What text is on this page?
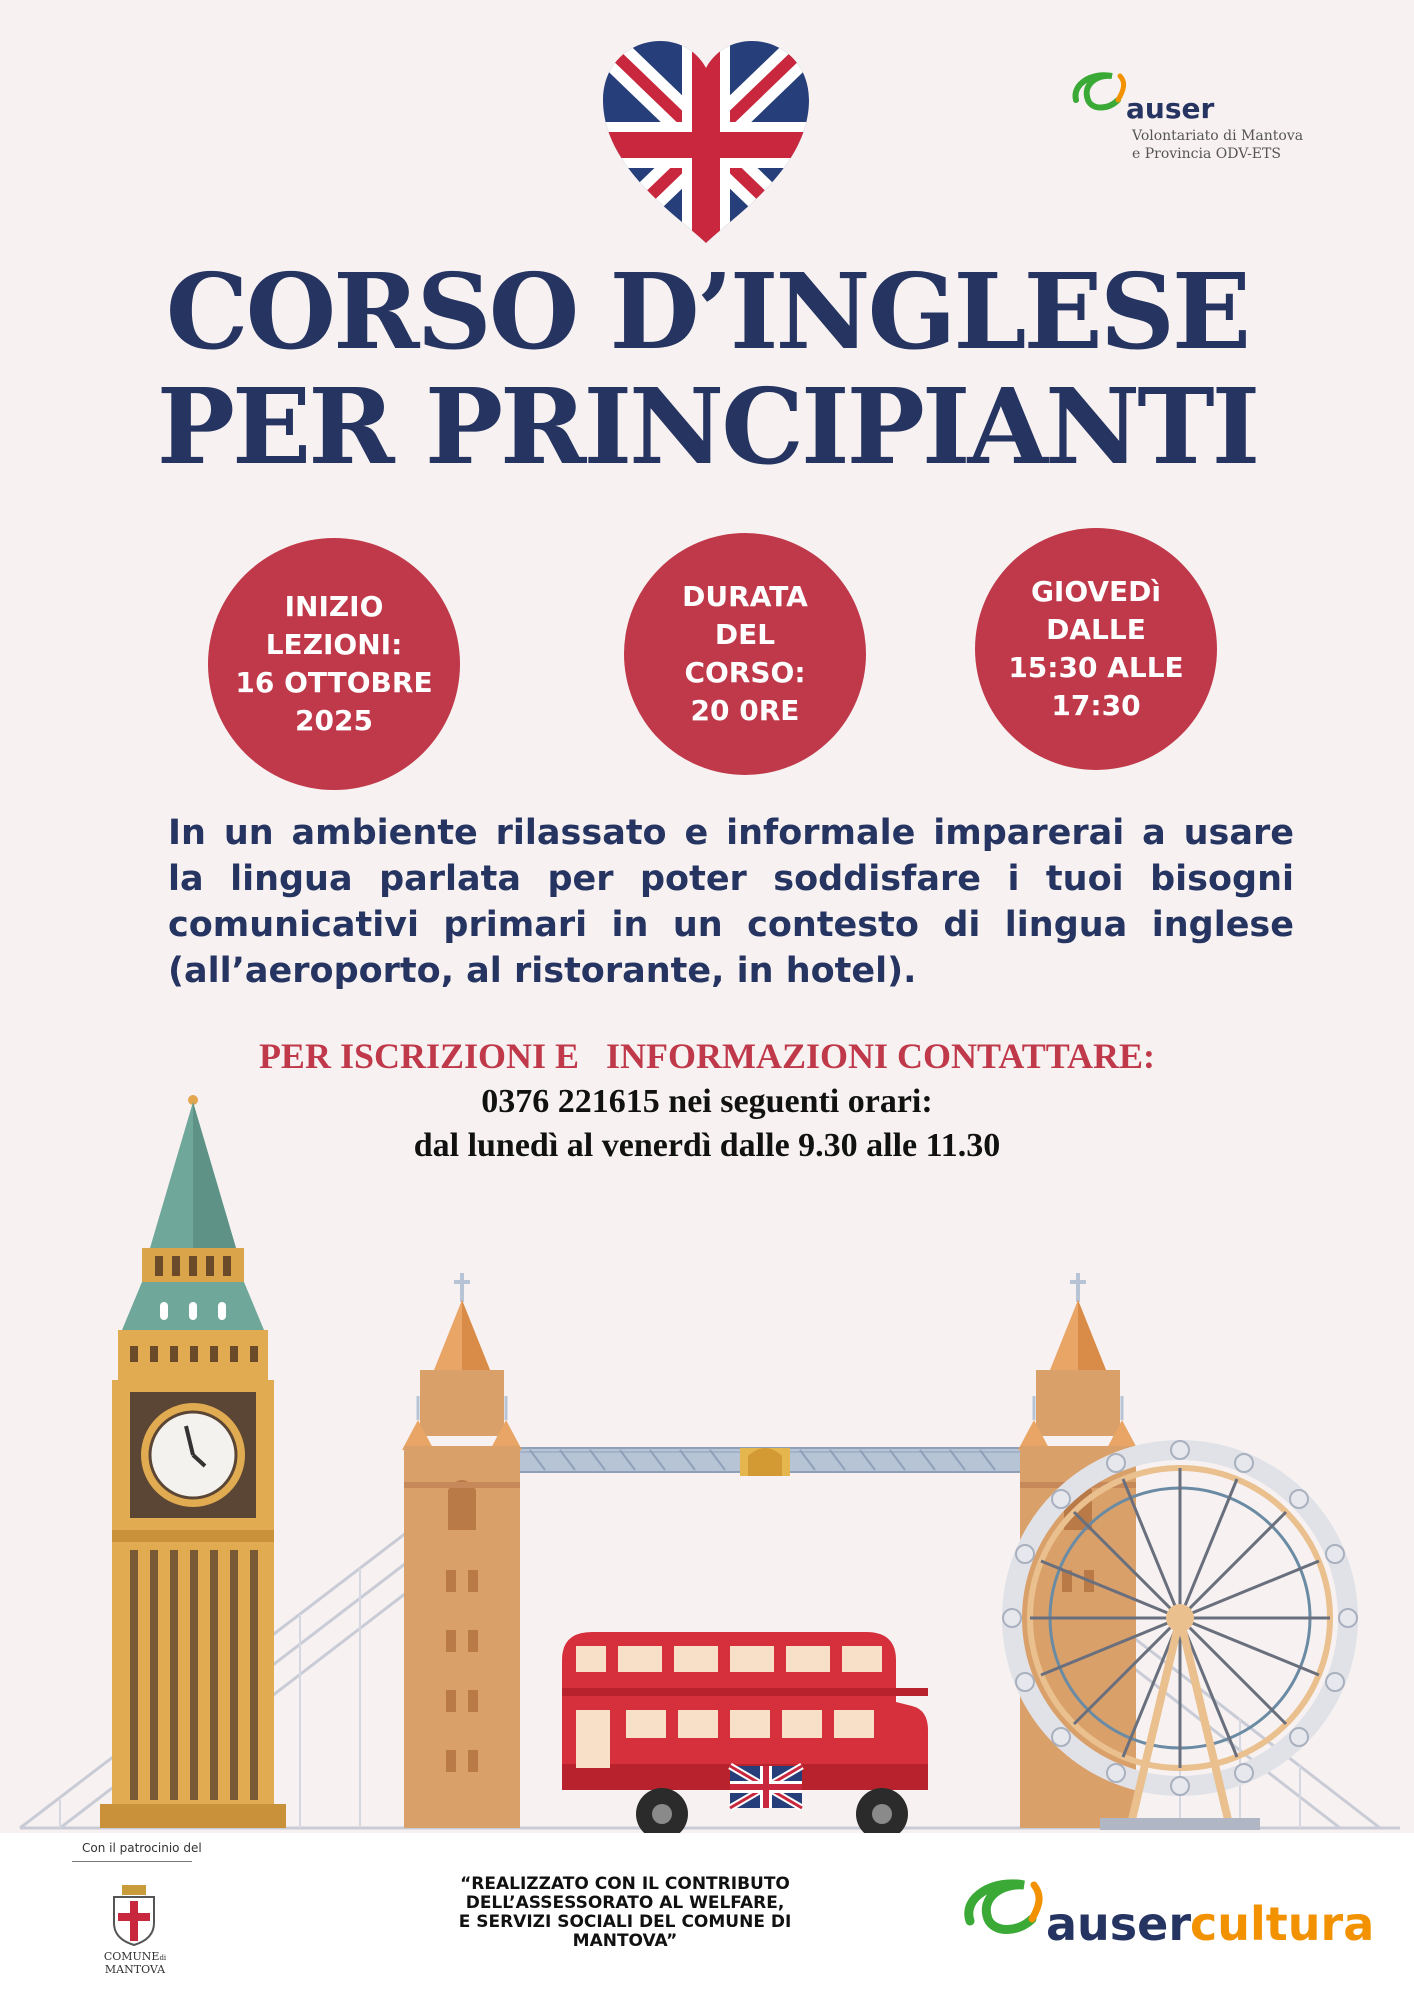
auser
Volontariato di Mantova
e Provincia ODV-ETS
CORSO D’INGLESE
PER PRINCIPIANTI
INIZIO
LEZIONI:
16 OTTOBRE
2025
DURATA
DEL
CORSO:
20 0RE
GIOVEDì
DALLE
15:30 ALLE
17:30
In un ambiente rilassato e informale imparerai a usare la lingua parlata per poter soddisfare i tuoi bisogni comunicativi primari in un contesto di lingua inglese (all’aeroporto, al ristorante, in hotel).
PER ISCRIZIONI E   INFORMAZIONI CONTATTARE:
0376 221615 nei seguenti orari:
dal lunedì al venerdì dalle 9.30 alle 11.30
Con il patrocinio del
COMUNEdi
MANTOVA
“REALIZZATO CON IL CONTRIBUTO
DELL’ASSESSORATO AL WELFARE,
E SERVIZI SOCIALI DEL COMUNE DI
MANTOVA”	auser
cultura
